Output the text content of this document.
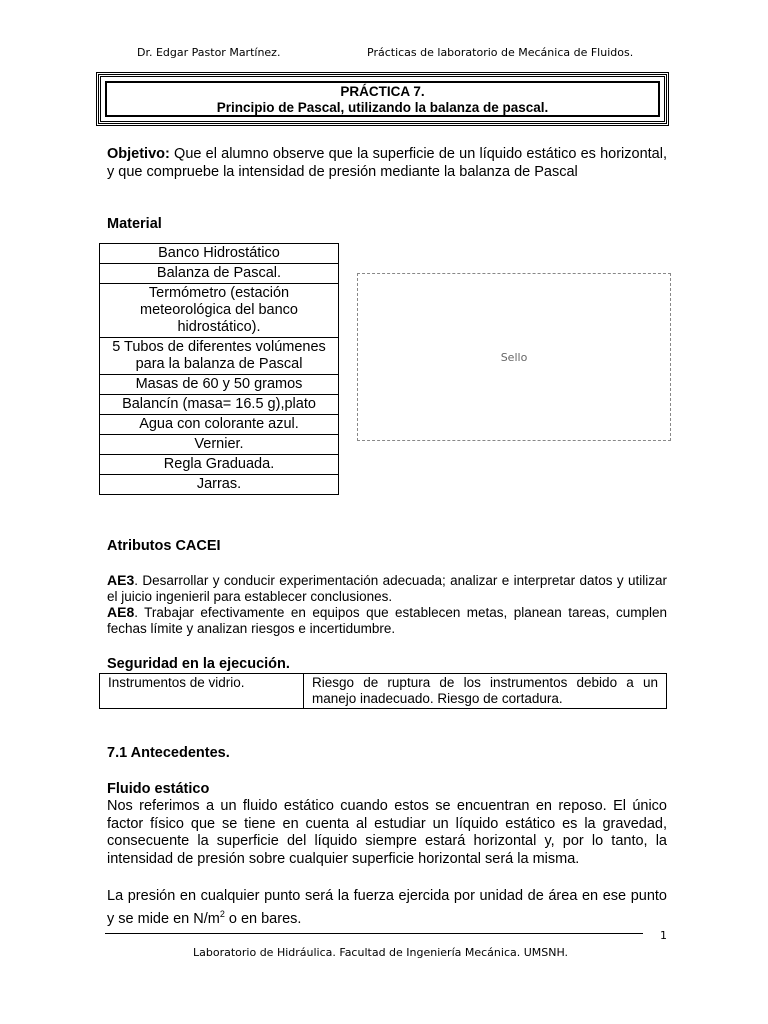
Dr. Edgar Pastor Martínez.	Prácticas de laboratorio de Mecánica de Fluidos.
PRÁCTICA 7.
Principio de Pascal, utilizando la balanza de pascal.
Objetivo: Que el alumno observe que la superficie de un líquido estático es horizontal, y que compruebe la intensidad de presión mediante la balanza de Pascal
Material
Banco Hidrostático
Balanza de Pascal.
Termómetro (estación meteorológica del banco hidrostático).
5 Tubos de diferentes volúmenes para la balanza de Pascal
Masas de 60 y 50 gramos
Balancín (masa= 16.5 g),plato
Agua con colorante azul.
Vernier.
Regla Graduada.
Jarras.
Sello
Atributos CACEI
AE3. Desarrollar y conducir experimentación adecuada; analizar e interpretar datos y utilizar el juicio ingenieril para establecer conclusiones.
AE8. Trabajar efectivamente en equipos que establecen metas, planean tareas, cumplen fechas límite y analizan riesgos e incertidumbre.
Seguridad en la ejecución.
Instrumentos de vidrio.	Riesgo de ruptura de los instrumentos debido a un manejo inadecuado. Riesgo de cortadura.
7.1 Antecedentes.
Fluido estático
Nos referimos a un fluido estático cuando estos se encuentran en reposo. El único factor físico que se tiene en cuenta al estudiar un líquido estático es la gravedad, consecuente la superficie del líquido siempre estará horizontal y, por lo tanto, la intensidad de presión sobre cualquier superficie horizontal será la misma.
La presión en cualquier punto será la fuerza ejercida por unidad de área en ese punto y se mide en $N/m^2$ o en bares.
1
Laboratorio de Hidráulica. Facultad de Ingeniería Mecánica. UMSNH.
